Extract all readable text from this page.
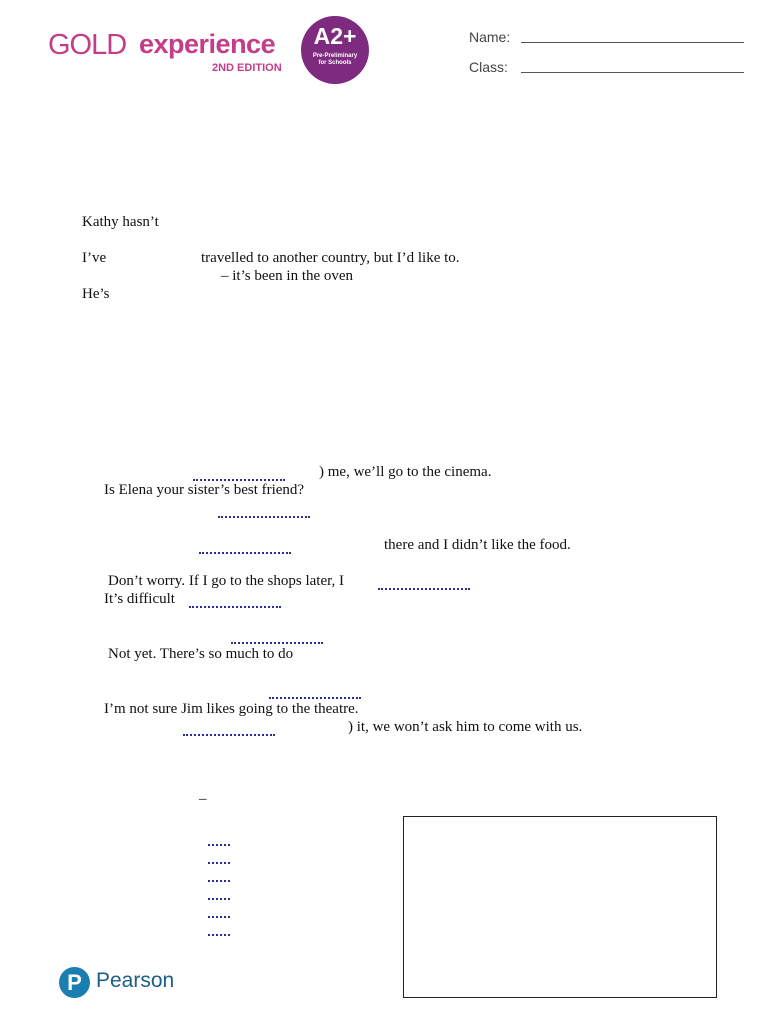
GOLD experience
2ND EDITION
A2+
Pre-Preliminary
for Schools
Name:
Class:
Kathy hasn’t
I’ve	travelled to another country, but I’d like to.
– it’s been in the oven
He’s
) me, we’ll go to the cinema.
Is Elena your sister’s best friend?
there and I didn’t like the food.
Don’t worry. If I go to the shops later, I
It’s difficult
Not yet. There’s so much to do
I’m not sure Jim likes going to the theatre.
) it, we won’t ask him to come with us.
–
P Pearson
